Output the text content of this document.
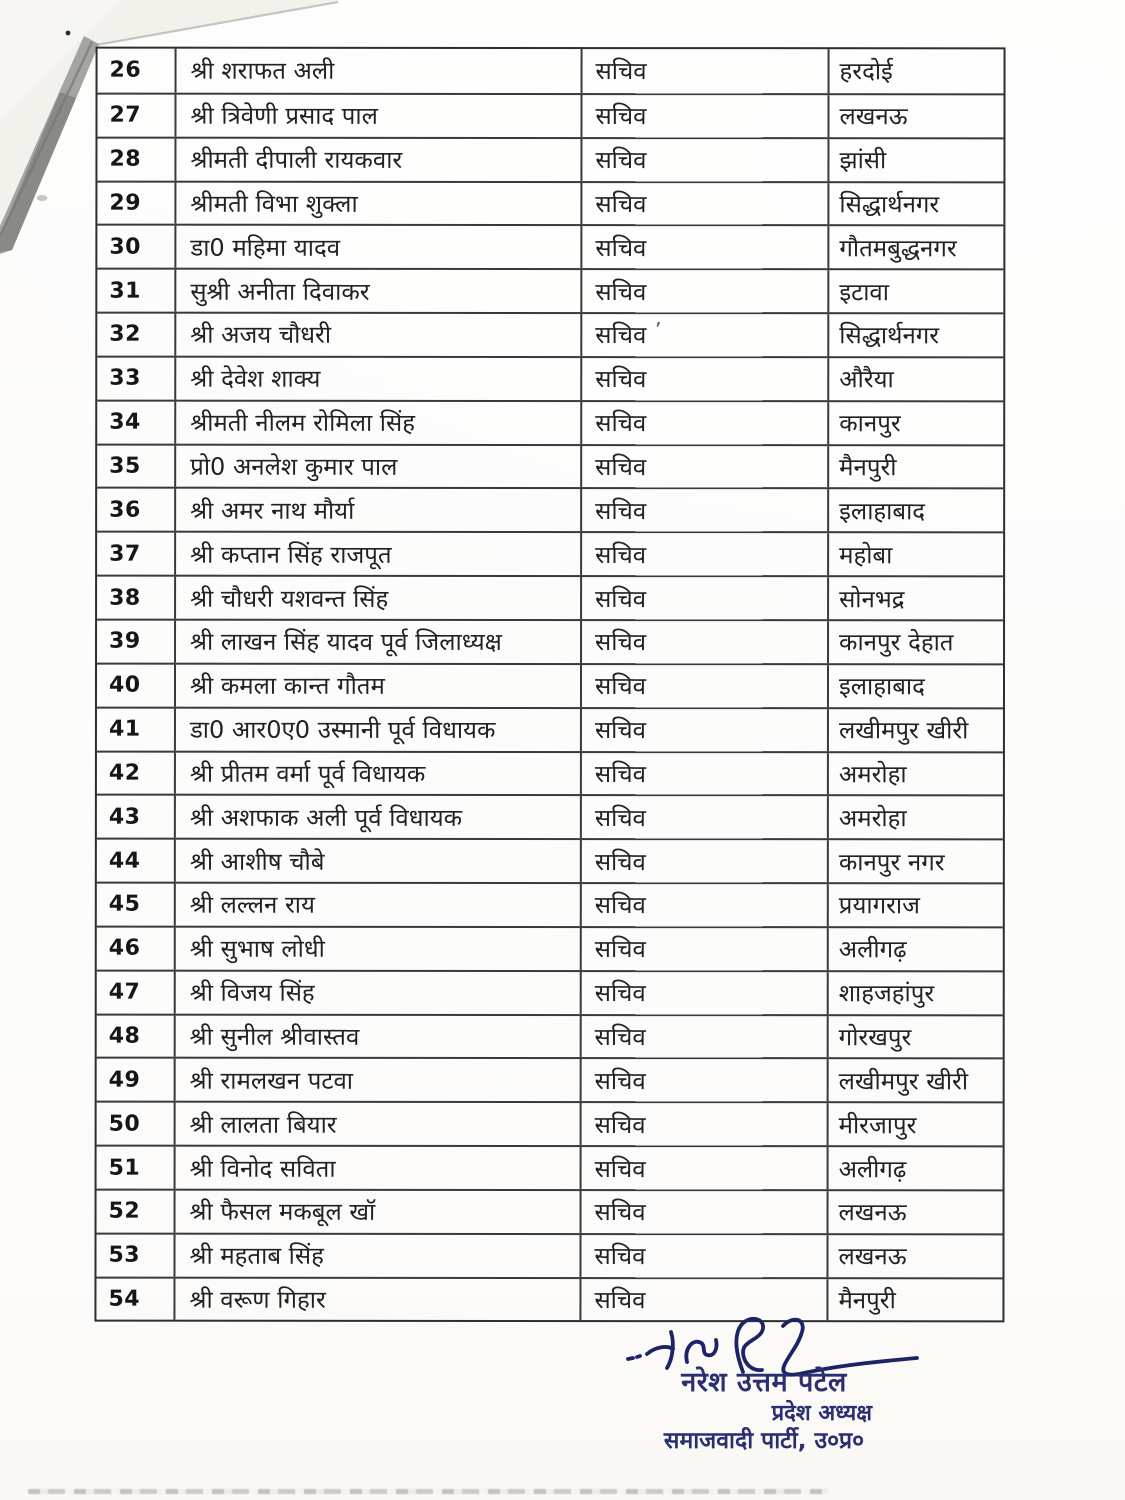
26	श्री शराफत अली	सचिव	हरदोई
27	श्री त्रिवेणी प्रसाद पाल	सचिव	लखनऊ
28	श्रीमती दीपाली रायकवार	सचिव	झांसी
29	श्रीमती विभा शुक्ला	सचिव	सिद्धार्थनगर
30	डा0 महिमा यादव	सचिव	गौतमबुद्धनगर
31	सुश्री अनीता दिवाकर	सचिव	इटावा
32	श्री अजय चौधरी	सचिव	सिद्धार्थनगर
33	श्री देवेश शाक्य	सचिव	औरैया
34	श्रीमती नीलम रोमिला सिंह	सचिव	कानपुर
35	प्रो0 अनलेश कुमार पाल	सचिव	मैनपुरी
36	श्री अमर नाथ मौर्या	सचिव	इलाहाबाद
37	श्री कप्तान सिंह राजपूत	सचिव	महोबा
38	श्री चौधरी यशवन्त सिंह	सचिव	सोनभद्र
39	श्री लाखन सिंह यादव पूर्व जिलाध्यक्ष	सचिव	कानपुर देहात
40	श्री कमला कान्त गौतम	सचिव	इलाहाबाद
41	डा0 आर0ए0 उस्मानी पूर्व विधायक	सचिव	लखीमपुर खीरी
42	श्री प्रीतम वर्मा पूर्व विधायक	सचिव	अमरोहा
43	श्री अशफाक अली पूर्व विधायक	सचिव	अमरोहा
44	श्री आशीष चौबे	सचिव	कानपुर नगर
45	श्री लल्लन राय	सचिव	प्रयागराज
46	श्री सुभाष लोधी	सचिव	अलीगढ़
47	श्री विजय सिंह	सचिव	शाहजहांपुर
48	श्री सुनील श्रीवास्तव	सचिव	गोरखपुर
49	श्री रामलखन पटवा	सचिव	लखीमपुर खीरी
50	श्री लालता बियार	सचिव	मीरजापुर
51	श्री विनोद सविता	सचिव	अलीगढ़
52	श्री फैसल मकबूल खॉ	सचिव	लखनऊ
53	श्री महताब सिंह	सचिव	लखनऊ
54	श्री वरूण गिहार	सचिव	मैनपुरी
’
नरेश उत्तम पटेल
प्रदेश अध्यक्ष
समाजवादी पार्टी, उ०प्र०
